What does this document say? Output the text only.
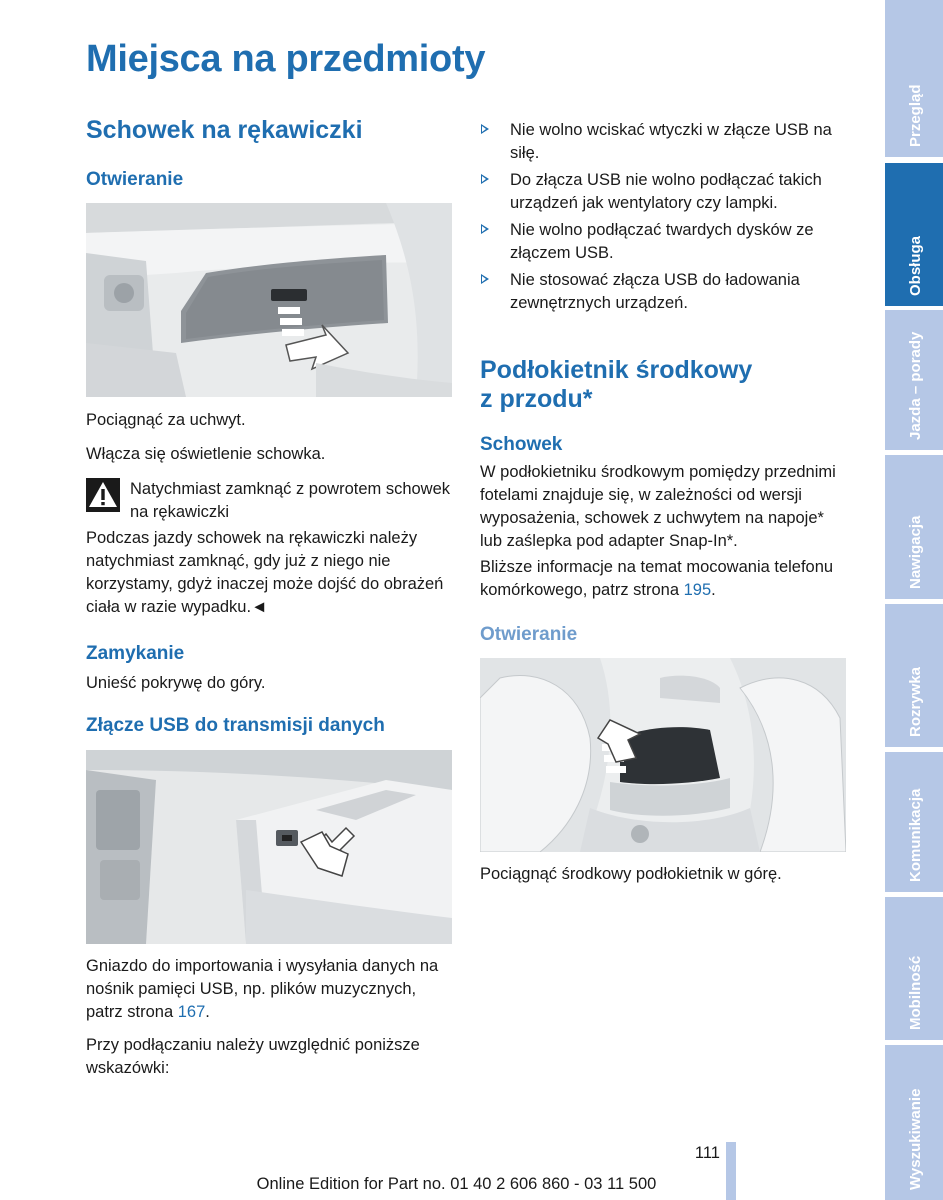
Miejsca na przedmioty
Schowek na rękawiczki
Otwieranie

Pociągnąć za uchwyt.

Włącza się oświetlenie schowka.

Natychmiast zamknąć z powrotem schowek na rękawiczki

Podczas jazdy schowek na rękawiczki należy natychmiast zamknąć, gdy już z niego nie korzystamy, gdyż inaczej może dojść do obrażeń ciała w razie wypadku.◄

Zamykanie

Unieść pokrywę do góry.

Złącze USB do transmisji danych

Gniazdo do importowania i wysyłania danych na nośnik pamięci USB, np. plików muzycznych, patrz strona 167.

Przy podłączaniu należy uwzględnić poniższe wskazówki:

Nie wolno wciskać wtyczki w złącze USB na siłę.
Do złącza USB nie wolno podłączać takich urządzeń jak wentylatory czy lampki.
Nie wolno podłączać twardych dysków ze złączem USB.
Nie stosować złącza USB do ładowania zewnętrznych urządzeń.
Podłokietnik środkowy
z przodu*
Schowek

W podłokietniku środkowym pomiędzy przednimi fotelami znajduje się, w zależności od wersji wyposażenia, schowek z uchwytem na napoje* lub zaślepka pod adapter Snap-In*.

Bliższe informacje na temat mocowania telefonu komórkowego, patrz strona 195.

Otwieranie

Pociągnąć środkowy podłokietnik w górę.

Przegląd
Obsługa
Jazda – porady
Nawigacja
Rozrywka
Komunikacja
Mobilność
Wyszukiwanie
111
Online Edition for Part no. 01 40 2 606 860 - 03 11 500
